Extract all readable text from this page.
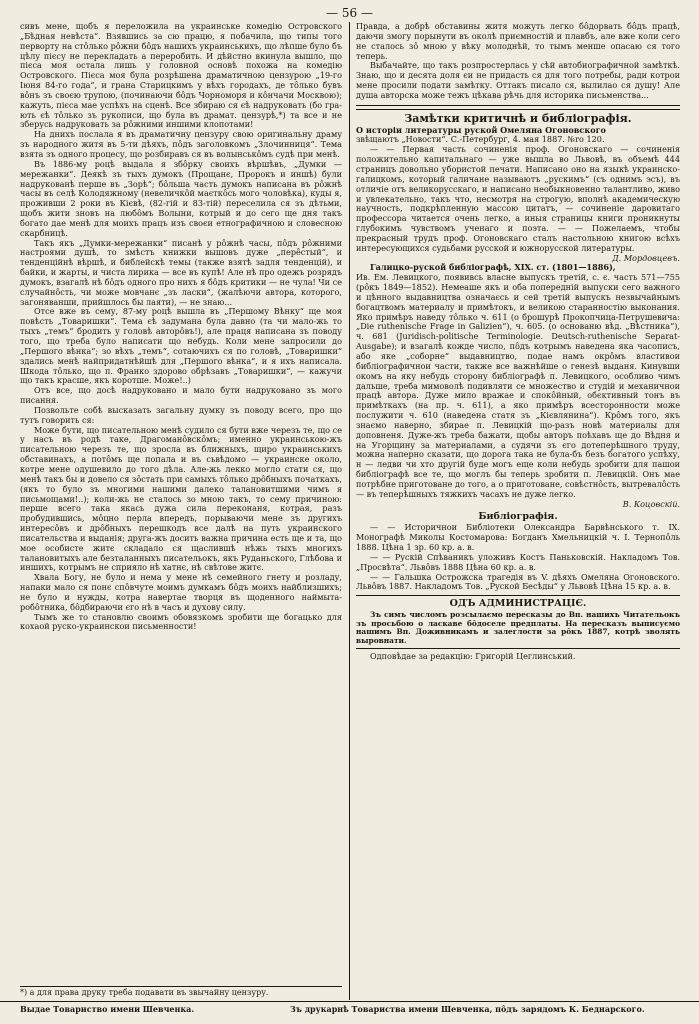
— 56 —

сивъ мене, щобъ я переложила на украинське комедію Островского „Бѣдная невѣста“. Взявшись за сю працю, я побачила, що типы того перворту на стôлько рôжни бôдъ нашихъ украинськихъ, що лѣпше було бъ цѣлу пієсу не перекладать а переробить. И дѣйстно вкинула вышло, що пієса моя остала лишь у головной основѣ похожа на комедію Островского. Пієса моя була розрѣшена драматичною цензурою „19-го Іюня 84-го года“, и грана Старицкимъ у вѣхъ городахъ, де тôлько бувъ вôнъ зъ своєю трупою, (починаючи бôдъ Чорноморя и кôнчачи Москвою); кажуть, пієса мае успѣхъ на сценѣ. Все збираю ся єѣ надруковать (бо гра-ють єѣ тôлько зъ рукописи, що була въ драмат. цензурѣ,*) та все и не зберусь надруковать за рôжними иншими клопотами!

На днихъ послала я въ драматичну цензуру свою оригинальну драму зъ народного житя въ 5-ти дѣяхъ, пôдъ заголовкомъ „Злочинниця“. Тема взята зъ одного процесу, що розбиравъ ся въ волынськôмъ судѣ при менѣ.

Въ 1886-му роцѣ выдала я збôрку своихъ вѣршѣвъ, „Думки — мережанки“. Деякѣ зъ тыхъ думокъ (Прощанє, Пророкъ и иншѣ) були надрукованѣ перше въ „Зорѣ“; бôльша часть думокъ написана въ рôжнѣ часы въ селѣ Колодяжному (невеличкôй маєткôсь мого чоловѣка), куды я, проживши 2 роки въ Кієвѣ, (82-гiй и 83-тiй) переселила ся зъ дѣтьми, щобъ жити зновъ на любôмъ Волыни, котрый и до сего ще дня такъ богато дае менѣ для моихъ працъ изъ своєи етнографичною и словесною скарбницѣ.

Такъ якъ „Думки-мережанки“ писанѣ у рôжнѣ часы, пôдъ рôжними настроями душѣ, то змѣстъ книжки вышовъ дуже „перêстый“, и тенденційнѣ вѣршѣ, и библейскѣ темы (также взятѣ задля тенденцій), и байки, и жарты, и чиста лирика — все въ купѣ! Але нѣ про одежъ розрядъ думокъ, взагалѣ нѣ бôдъ одного про нихъ я бôдъ критики — не чула! Чи се случайнôсть, чи може мовчанє „зъ ласки“, (жалѣючи автора, которого, загоняванши, прийшлось бы лаяти), — не знаю...

Отсе вже въ сему, 87-му роцѣ вышла въ „Першому Вѣнку“ ще моя повѣсть „Товаришки“. Тема єѣ задумана була давно (та чи мало-жь то тыхъ „темъ“ бродить у головѣ авторôвъ!), але праця написана зъ поводу того, що треба було написати що небудь. Коли мене запросили до „Першого вѣнка“; зо вѣхъ „темъ“, сотаючихъ ся по головѣ, „Товаришки“ здались менѣ найпридатнѣйшѣ для „Першого вѣнка“, и я ихъ написала. Шкода тôлько, що п. Франко здорово обрѣзавъ „Товаришки“, — кажучи що такъ красше, якъ коротше. Може!..)

Отъ все, що досѣ надруковано и мало бути надруковано зъ мого писання.

Позвольте собѣ высказать загальну думку зъ поводу всего, про що тутъ говорить ся:

Може бути, що писательною менѣ судило ся бути вже черезъ те, що се у насъ въ родѣ таке, Драгоманôвскôмъ; именно украинською-жъ писательною черезъ те, що зросла въ ближныхъ, щиро украинськихъ обставинахъ, а потôмъ ще попала и въ сьвѣдомо — украинске около, котре мене одушевило до того дѣла. Але-жь лекко могло стати ся, що менѣ такъ бы и довело ся зôстать при самыхъ тôлько дрôбныхъ початкахъ, (якъ то було зъ многими нашими далеко талановитшими чимъ я письмощами!..); коли-жь не сталось зо мною такъ, то сему причиною: перше всего така якась дужа сила переконаня, котрая, разъ пробудившись, мôцно перла впередъ, порываючи мене зъ другихъ интересôвъ и дрôбныхъ перешкодъ все далѣ на путь украинского писательства и выданія; друга-жъ досить важна причина есть ще и та, що мое особисте житє складало ся щаслившѣ нѣжь тыхъ многихъ талановитыхъ але безталанныхъ писательокъ, якъ Руданьского, Глѣбова и иншихъ, котрымъ не сприяло нѣ хатнє, нѣ свѣтове житє.

Хвала Богу, не було и нема у мене нѣ семейного гнету и розладу, напаки мало ся понє спôвчуте моимъ думкамъ бôдъ моихъ найблизшихъ; не було и нужды, котра навертае творця въ щоденного наймыта-робôтника, бôдбираючи єго нѣ в часъ и духову силу.

Тымъ же то становлю своимъ обовязкомъ зробити ще богацько для кохаой руско-украинскои письменности!

*) а для права друку треба подавати въ звычайну цензуру.

Правда, а добрѣ обставины житя можуть легко бôдорвать бôдъ працѣ, даючи змогу порынути въ околѣ приємностій и плавбъ, але вже коли сего не сталось зô мною у вѣку молоднѣй, то тымъ менше опасаю ся того теперь.

Выбачайте, що такъ розпростерлась у сѣй автобиографичной замѣткѣ. Знаю, що и десята доля єи не придасть ся для того потребы, ради котрои мене просили подати замѣтку. Оттакъ писало ся, вылилао ся душу! Але душа авторска може тежъ цѣкава рѣчь для историка письменства...

Замѣтки критичнѣ и библіографія.

О исторіи литературы руской Омеляна Огоновского

звѣщаютъ „Новости“. С.-Петербург, 4. мая 1887. №ro 120.

— — Первая часть сочиненія проф. Огоновскаго — сочиненія положительно капитальнаго — уже вышла во Львовѣ, въ объемѣ 444 страницъ довольно убористой печати. Написано оно на языкѣ украинско-галицкомъ, который галичане называютъ „рускимъ“ (съ однимъ эсъ), въ отличіе отъ великорусскаго, и написано необыкновенно талантливо, живо и увлекательно, такъ что, несмотря на строгую, вполнѣ академическую научность, подкрѣпленную массою цитатъ, — сочиненіе даровитаго профессора читается очень легко, а иныя страницы книги проникнуты глубокимъ чувствомъ ученаго и поэта. — — Пожелаемъ, чтобы прекрасный трудъ проф. Огоновскаго сталъ настольною книгою всѣхъ интересующихся судьбами русской и южнорусской литературы.

Д. Мордовцевъ.

Галицко-руской библіографѣ, XIX. ст. (1801—1886),

Ив. Ем. Левицкого, появивсь власне выпускъ третій, с. є. часть 571—755 (рôкъ 1849—1852). Немеаше якъ и оба попередній выпуски сего важного и цѣнного выдавництва означаєсь и сей третій выпускъ незвычайнымъ богацтвомъ материалу и примѣтокъ, и великою старанностію выконания. Яко примѣръ наведу тôлько ч. 611 (о брошурѣ Прокопчица-Петрушевича: „Die ruthenische Frage in Galizien“), ч. 605. (о основаню вѣд. „Вѣстника“), ч. 681 (Juridisch-politische Terminologie. Deutsch-ruthenische Separat-Ausgabe); и взагалѣ кожде число, пôдъ котрымъ наведена яка часописъ, або яке „соборне“ выдавництво, подае намъ окрôмъ властивои библіографичнои части, также все важнѣйше о генезѣ выданя. Кинувши окомъ на яку небудь сторону библіографѣ п. Левицкого, особливо чимъ дальше, треба мимоволѣ подивляти се множество и студій и механичнои працѣ автора. Дуже мило вражае и спокôйный, обєктивный тонъ въ примѣткахъ (на пр. ч. 611), а яко примѣръ всесторонности може послужити ч. 610 (наведена статя зъ „Кієвлянина“). Крôмъ того, якъ знаємо наверно, збирае п. Левицкій що-разъ новѣ материалы для доповненя. Дуже-жъ треба бажати, щобы авторъ поѣхавъ ще до Вѣдня и на Угорщину за материалами, а судячи зъ єго дотеперѣшного труду, можна наперно сказати, що дорога така не була-бъ безъ богатого успѣху, н — ледви чи хто другій буде могъ еще коли небудь зробити для пашои библіографѣ все те, що моглъ бы теперь зробити п. Левицкій. Онъ мае потрѣбне приготоване до того, а о приготоване, совѣстнôсть, вытревалôсть — въ теперѣшныхъ тяжкихъ часахъ не дуже легко.

В. Коцовскій.
Библіографія.

— — Историчнои Библіотеки Олександра Барвѣнського т. ІX. Монографѣ Миколы Костомарова: Богданъ Хмельницкій ч. І. Тернопôль 1888. Цѣна 1 зр. 60 кр. а. в.

— — Рускій Спѣваникъ уложивъ Костъ Паньковскій. Накладомъ Тов. „Просвѣта“. Львôвъ 1888 Цѣна 60 кр. а. в.

— — Гальшка Острожска трагедія въ V. дѣяхъ Омеляна Огоновского. Львôвъ 1887. Накладомъ Тов. „Руской Бесѣды“ у Львовѣ Цѣна 15 кр. а. в.

ОДЪ АДМИНИСТРАЦІЄ.

Зъ симъ числомъ розсылаємо пересказы до Вп. нашихъ Читательокъ зъ просьбою о ласкаве бôдоселе предплаты. На пересказъ выписуємо нашимъ Вп. Доживникамъ и залеглости за рôкъ 1887, котрѣ зволять выровнати.

Одповѣдае за редакцію: Григорій Цеглинський.

Выдае Товариство имени Шевченка.	Зъ друкарнѣ Товариства имени Шевченка, пôдъ зарядомъ К. Беднарского.
